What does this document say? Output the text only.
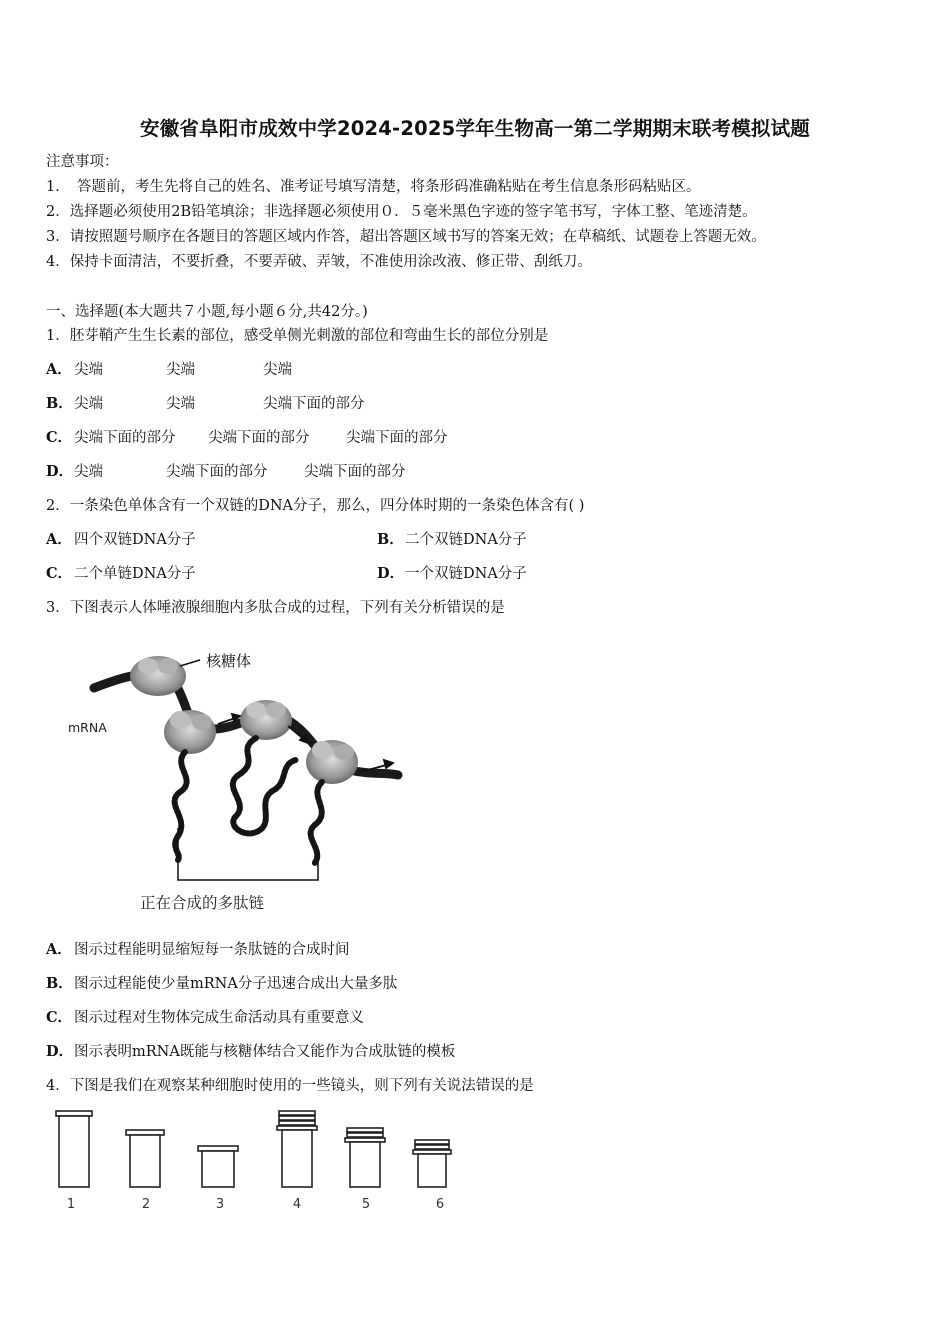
安徽省阜阳市成效中学2024-2025学年生物高一第二学期期末联考模拟试题
注意事项：
1．　答题前，考生先将自己的姓名、准考证号填写清楚，将条形码准确粘贴在考生信息条形码粘贴区。
2．选择题必须使用2B铅笔填涂；非选择题必须使用０．５毫米黑色字迹的签字笔书写，字体工整、笔迹清楚。
3．请按照题号顺序在各题目的答题区域内作答，超出答题区域书写的答案无效；在草稿纸、试题卷上答题无效。
4．保持卡面清洁，不要折叠，不要弄破、弄皱，不准使用涂改液、修正带、刮纸刀。
一、选择题(本大题共７小题,每小题６分,共42分。)
1．胚芽鞘产生生长素的部位，感受单侧光刺激的部位和弯曲生长的部位分别是
A． 尖端	尖端	尖端
B．尖端	尖端	尖端下面的部分
C． 尖端下面的部分 尖端下面的部分	尖端下面的部分
D．尖端	尖端下面的部分	尖端下面的部分
2．一条染色单体含有一个双链的DNA分子，那么，四分体时期的一条染色体含有( )
A． 四个双链DNA分子	B．二个双链DNA分子
C． 二个单链DNA分子	D．一个双链DNA分子
3．下图表示人体唾液腺细胞内多肽合成的过程，下列有关分析错误的是
核糖体
mRNA
正在合成的多肽链
A． 图示过程能明显缩短每一条肽链的合成时间
B．图示过程能使少量mRNA分子迅速合成出大量多肽
C． 图示过程对生物体完成生命活动具有重要意义
D．图示表明mRNA既能与核糖体结合又能作为合成肽链的模板
4．下图是我们在观察某种细胞时使用的一些镜头，则下列有关说法错误的是
1	2	3	4	5	6
